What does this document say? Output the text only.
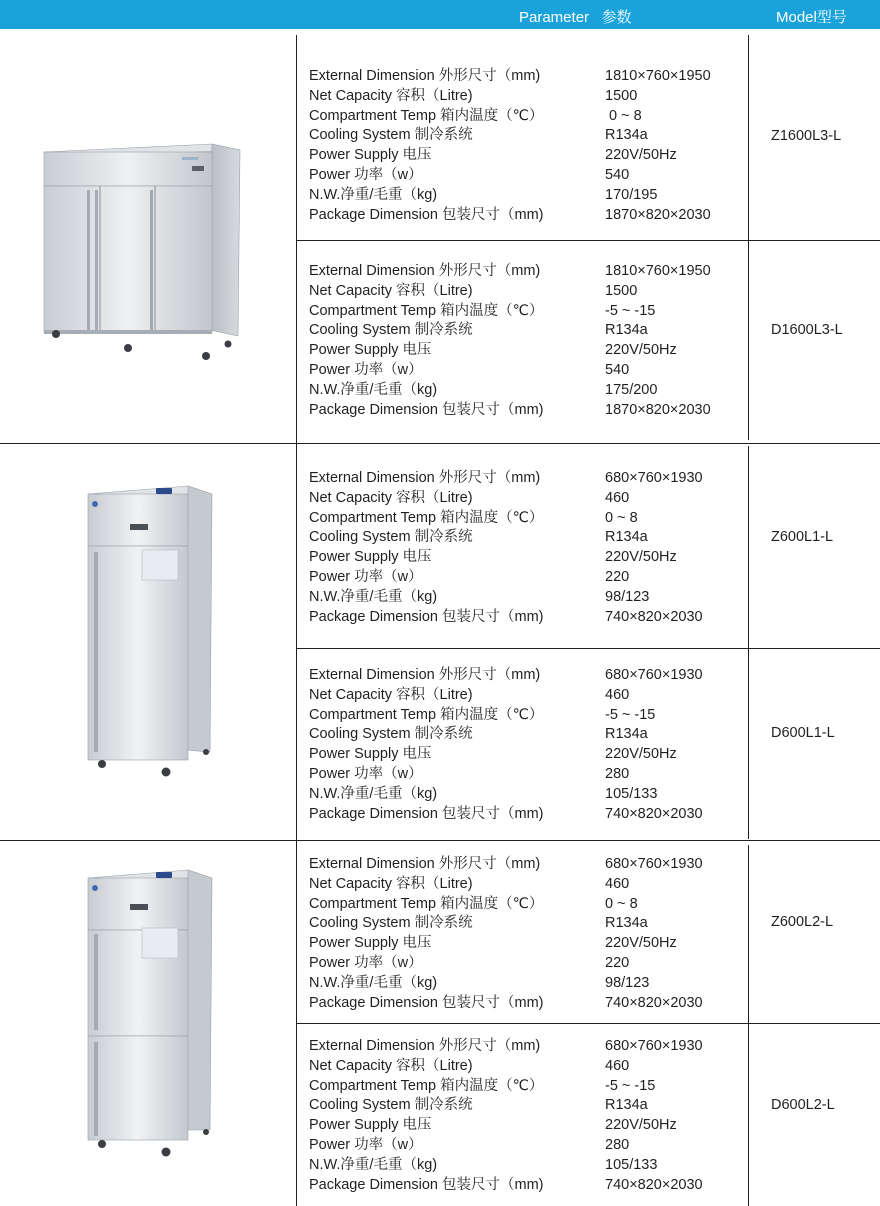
Parameter   参数	Model型号
External Dimension 外形尺寸（mm)	1810×760×1950
Net Capacity 容积（Litre)	1500
Compartment Temp 箱内温度（℃）	0 ~ 8
Cooling System 制冷系统	R134a
Power Supply 电压	220V/50Hz
Power 功率（w）	540
N.W.净重/毛重（kg)	170/195
Package Dimension 包装尺寸（mm)	1870×820×2030
Z1600L3-L
External Dimension 外形尺寸（mm)	1810×760×1950
Net Capacity 容积（Litre)	1500
Compartment Temp 箱内温度（℃）	-5 ~ -15
Cooling System 制冷系统	R134a
Power Supply 电压	220V/50Hz
Power 功率（w）	540
N.W.净重/毛重（kg)	175/200
Package Dimension 包装尺寸（mm)	1870×820×2030
D1600L3-L
External Dimension 外形尺寸（mm)	680×760×1930
Net Capacity 容积（Litre)	460
Compartment Temp 箱内温度（℃）	0 ~ 8
Cooling System 制冷系统	R134a
Power Supply 电压	220V/50Hz
Power 功率（w）	220
N.W.净重/毛重（kg)	98/123
Package Dimension 包装尺寸（mm)	740×820×2030
Z600L1-L
External Dimension 外形尺寸（mm)	680×760×1930
Net Capacity 容积（Litre)	460
Compartment Temp 箱内温度（℃）	-5 ~ -15
Cooling System 制冷系统	R134a
Power Supply 电压	220V/50Hz
Power 功率（w）	280
N.W.净重/毛重（kg)	105/133
Package Dimension 包装尺寸（mm)	740×820×2030
D600L1-L
External Dimension 外形尺寸（mm)	680×760×1930
Net Capacity 容积（Litre)	460
Compartment Temp 箱内温度（℃）	0 ~ 8
Cooling System 制冷系统	R134a
Power Supply 电压	220V/50Hz
Power 功率（w）	220
N.W.净重/毛重（kg)	98/123
Package Dimension 包装尺寸（mm)	740×820×2030
Z600L2-L
External Dimension 外形尺寸（mm)	680×760×1930
Net Capacity 容积（Litre)	460
Compartment Temp 箱内温度（℃）	-5 ~ -15
Cooling System 制冷系统	R134a
Power Supply 电压	220V/50Hz
Power 功率（w）	280
N.W.净重/毛重（kg)	105/133
Package Dimension 包装尺寸（mm)	740×820×2030
D600L2-L
